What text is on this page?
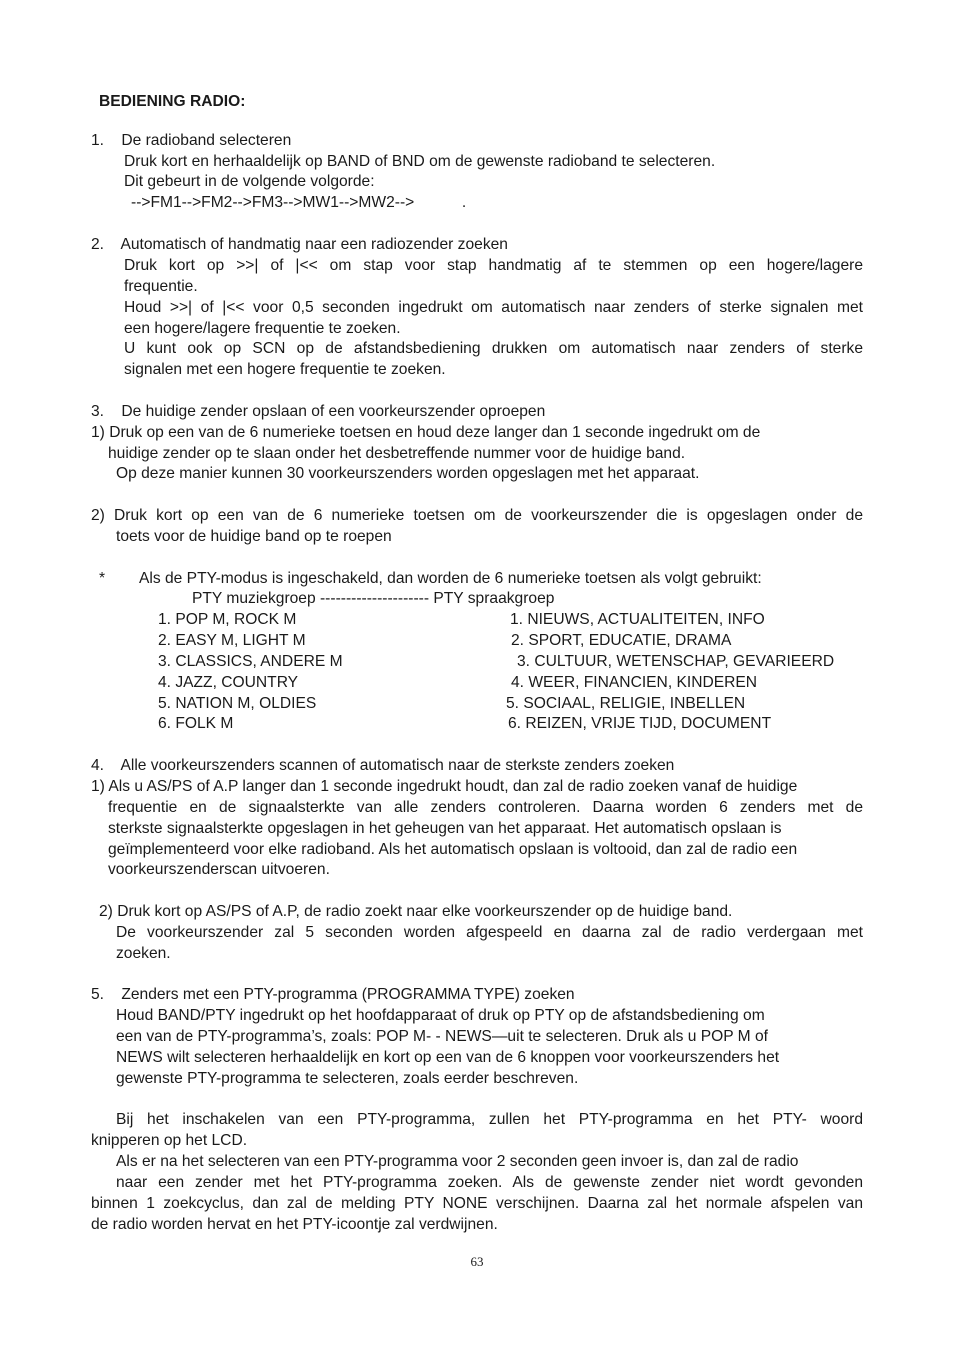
BEDIENING RADIO:
1.    De radioband selecteren
Druk kort en herhaaldelijk op BAND of BND om de gewenste radioband te selecteren.
Dit gebeurt in de volgende volgorde:
-->FM1-->FM2-->FM3-->MW1-->MW2-->           .
2.    Automatisch of handmatig naar een radiozender zoeken
Druk kort op >>| of |<< om stap voor stap handmatig af te stemmen op een hogere/lagere
frequentie.
Houd >>| of |<< voor 0,5 seconden ingedrukt om automatisch naar zenders of sterke signalen met
een hogere/lagere frequentie te zoeken.
U kunt ook op SCN op de afstandsbediening drukken om automatisch naar zenders of sterke
signalen met een hogere frequentie te zoeken.
3.    De huidige zender opslaan of een voorkeurszender oproepen
1) Druk op een van de 6 numerieke toetsen en houd deze langer dan 1 seconde ingedrukt om de
huidige zender op te slaan onder het desbetreffende nummer voor de huidige band.
Op deze manier kunnen 30 voorkeurszenders worden opgeslagen met het apparaat.
2) Druk kort op een van de 6 numerieke toetsen om de voorkeurszender die is opgeslagen onder de
toets voor de huidige band op te roepen
* Als de PTY-modus is ingeschakeld, dan worden de 6 numerieke toetsen als volgt gebruikt:
PTY muziekgroep --------------------- PTY spraakgroep
1. POP M, ROCK M
2. EASY M, LIGHT M
3. CLASSICS, ANDERE M
4. JAZZ, COUNTRY
5. NATION M, OLDIES
6. FOLK M
1. NIEUWS, ACTUALITEITEN, INFO
2. SPORT, EDUCATIE, DRAMA
3. CULTUUR, WETENSCHAP, GEVARIEERD
4. WEER, FINANCIEN, KINDEREN
5. SOCIAAL, RELIGIE, INBELLEN
6. REIZEN, VRIJE TIJD, DOCUMENT
4.    Alle voorkeurszenders scannen of automatisch naar de sterkste zenders zoeken
1) Als u AS/PS of A.P langer dan 1 seconde ingedrukt houdt, dan zal de radio zoeken vanaf de huidige
frequentie en de signaalsterkte van alle zenders controleren. Daarna worden 6 zenders met de
sterkste signaalsterkte opgeslagen in het geheugen van het apparaat. Het automatisch opslaan is
geïmplementeerd voor elke radioband. Als het automatisch opslaan is voltooid, dan zal de radio een
voorkeurszenderscan uitvoeren.
2) Druk kort op AS/PS of A.P, de radio zoekt naar elke voorkeurszender op de huidige band.
De voorkeurszender zal 5 seconden worden afgespeeld en daarna zal de radio verdergaan met
zoeken.
5.    Zenders met een PTY-programma (PROGRAMMA TYPE) zoeken
Houd BAND/PTY ingedrukt op het hoofdapparaat of druk op PTY op de afstandsbediening om
een van de PTY-programma’s, zoals: POP M- - NEWS—uit te selecteren. Druk als u POP M of
NEWS wilt selecteren herhaaldelijk en kort op een van de 6 knoppen voor voorkeurszenders het
gewenste PTY-programma te selecteren, zoals eerder beschreven.
Bij het inschakelen van een PTY-programma, zullen het PTY-programma en het PTY- woord
knipperen op het LCD.
Als er na het selecteren van een PTY-programma voor 2 seconden geen invoer is, dan zal de radio
naar een zender met het PTY-programma zoeken. Als de gewenste zender niet wordt gevonden
binnen 1 zoekcyclus, dan zal de melding PTY NONE verschijnen. Daarna zal het normale afspelen van
de radio worden hervat en het PTY-icoontje zal verdwijnen.
63
